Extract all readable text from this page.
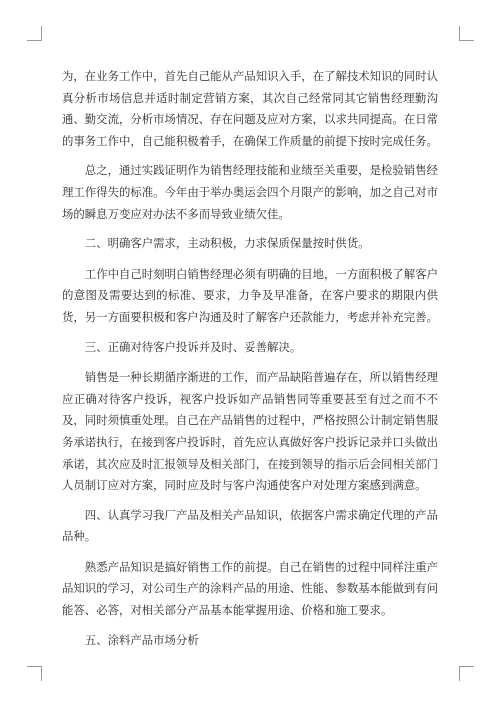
为，在业务工作中，首先自己能从产品知识入手，在了解技术知识的同时认真分析市场信息并适时制定营销方案，其次自己经常同其它销售经理勤沟通、勤交流，分析市场情况、存在问题及应对方案，以求共同提高。在日常的事务工作中，自己能积极着手，在确保工作质量的前提下按时完成任务。

总之，通过实践证明作为销售经理技能和业绩至关重要，是检验销售经理工作得失的标准。今年由于举办奥运会四个月限产的影响，加之自己对市场的瞬息万变应对办法不多而导致业绩欠佳。

二、明确客户需求，主动积极，力求保质保量按时供货。

工作中自己时刻明白销售经理必须有明确的目地，一方面积极了解客户的意图及需要达到的标准、要求，力争及早准备，在客户要求的期限内供货，另一方面要积极和客户沟通及时了解客户还款能力，考虑并补充完善。

三、正确对待客户投诉并及时、妥善解决。

销售是一种长期循序渐进的工作，而产品缺陷普遍存在，所以销售经理应正确对待客户投诉，视客户投诉如产品销售同等重要甚至有过之而不不及，同时须慎重处理。自己在产品销售的过程中，严格按照公计制定销售服务承诺执行，在接到客户投诉时，首先应认真做好客户投诉记录并口头做出承诺，其次应及时汇报领导及相关部门，在接到领导的指示后会同相关部门人员制订应对方案，同时应及时与客户沟通使客户对处理方案感到满意。

四、认真学习我厂产品及相关产品知识，依据客户需求确定代理的产品品种。

熟悉产品知识是搞好销售工作的前提。自己在销售的过程中同样注重产品知识的学习，对公司生产的涂料产品的用途、性能、参数基本能做到有问能答、必答，对相关部分产品基本能掌握用途、价格和施工要求。

五、涂料产品市场分析
